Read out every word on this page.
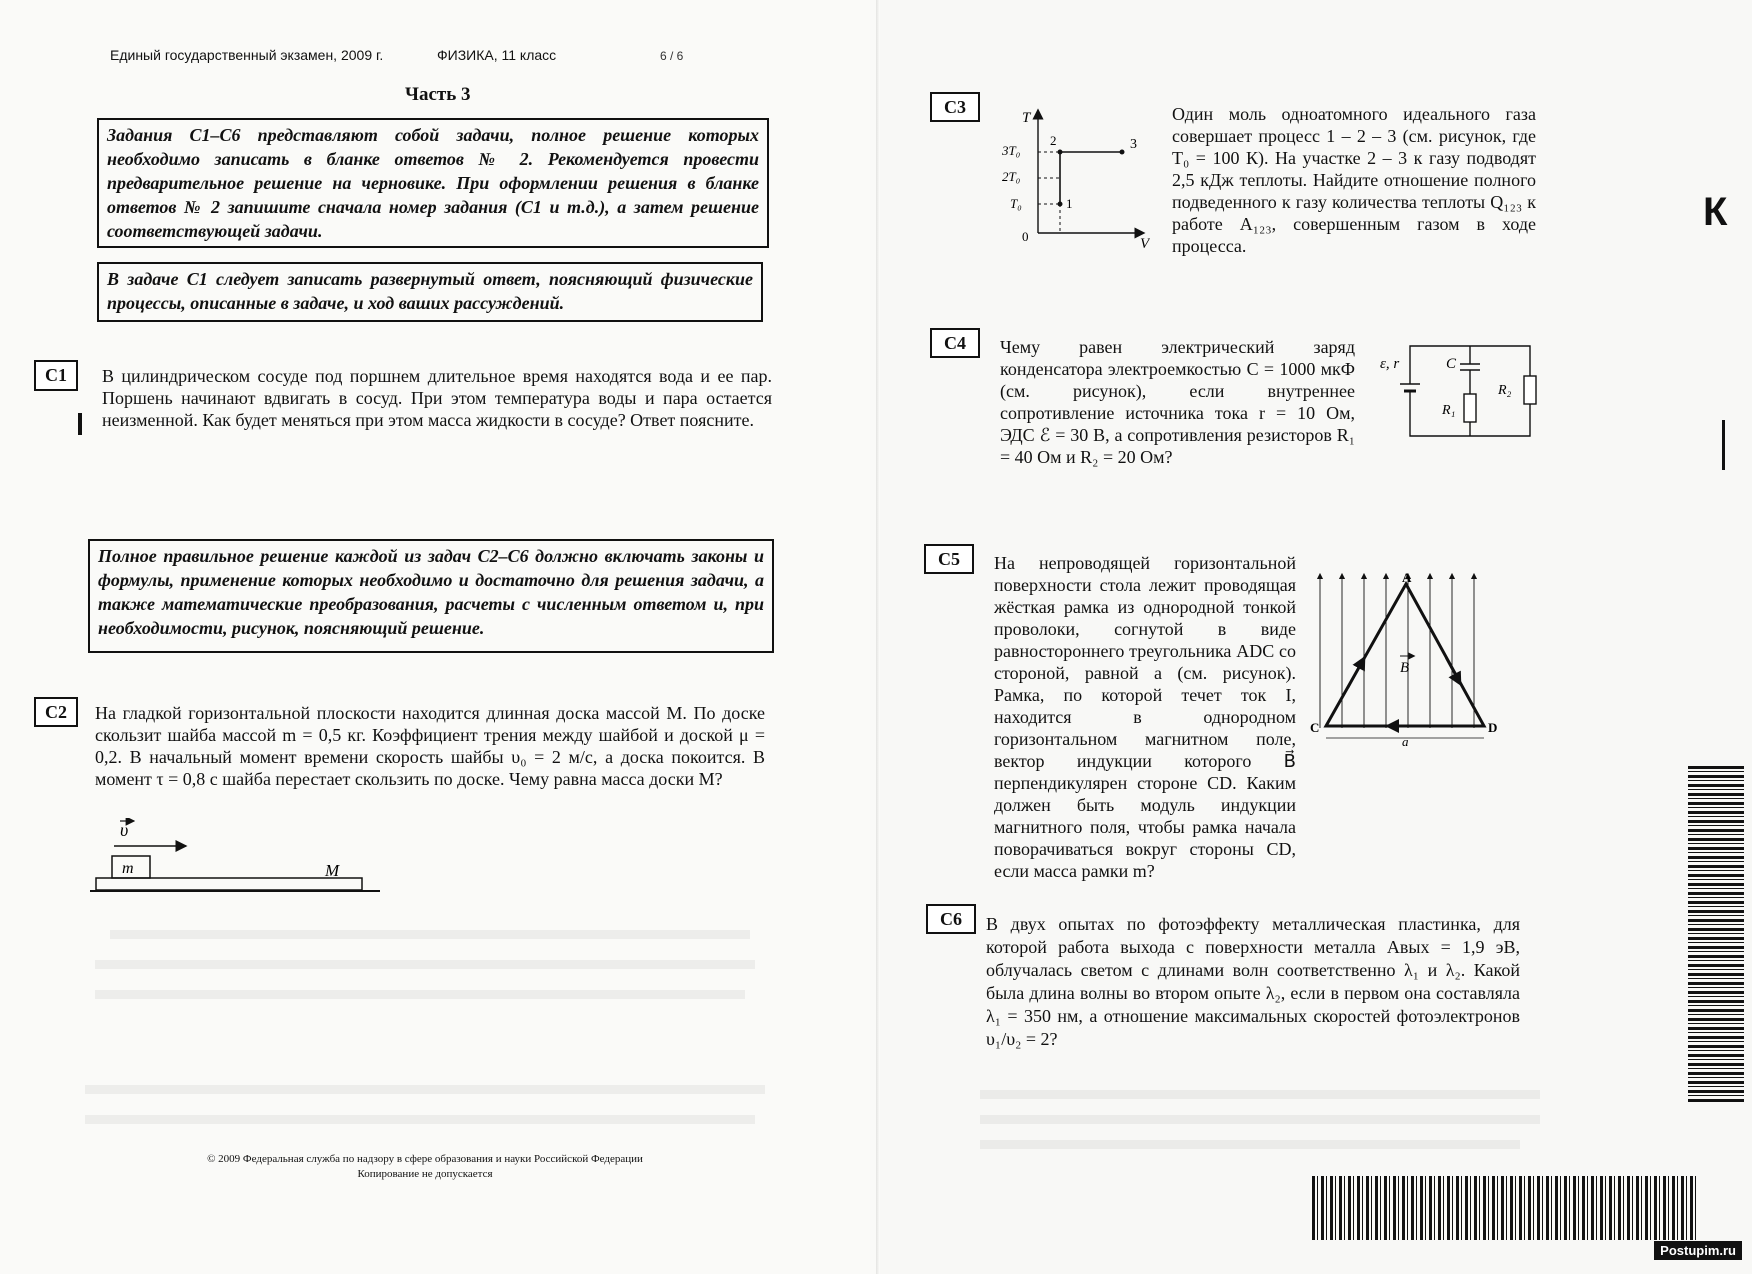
Единый государственный экзамен, 2009 г.	ФИЗИКА, 11 класс	6 / 6
Часть 3
Задания С1–С6 представляют собой задачи, полное решение которых необходимо записать в бланке ответов № 2. Рекомендуется провести предварительное решение на черновике. При оформлении решения в бланке ответов № 2 запишите сначала номер задания (С1 и т.д.), а затем решение соответствующей задачи.
В задаче С1 следует записать развернутый ответ, поясняющий физические процессы, описанные в задаче, и ход ваших рассуждений.
C1	В цилиндрическом сосуде под поршнем длительное время находятся вода и ее пар. Поршень начинают вдвигать в сосуд. При этом температура воды и пара остается неизменной. Как будет меняться при этом масса жидкости в сосуде? Ответ поясните.
Полное правильное решение каждой из задач С2–С6 должно включать законы и формулы, применение которых необходимо и достаточно для решения задачи, а также математические преобразования, расчеты с численным ответом и, при необходимости, рисунок, поясняющий решение.
C2	На гладкой горизонтальной плоскости находится длинная доска массой M. По доске скользит шайба массой m = 0,5 кг. Коэффициент трения между шайбой и доской μ = 0,2. В начальный момент времени скорость шайбы υ₀ = 2 м/с, а доска покоится. В момент τ = 0,8 с шайба перестает скользить по доске. Чему равна масса доски M?
υ
m	M
© 2009 Федеральная служба по надзору в сфере образования и науки Российской Федерации
Копирование не допускается
C3
T
V
0
3T₀
2T₀
T₀	1
2	3
Один моль одноатомного идеального газа совершает процесс 1 – 2 – 3 (см. рисунок, где T₀ = 100 К). На участке 2 – 3 к газу подводят 2,5 кДж теплоты. Найдите отношение полного подведенного к газу количества теплоты Q₁₂₃ к работе A₁₂₃, совершенным газом в ходе процесса.
C4	Чему равен электрический заряд конденсатора электроемкостью C = 1000 мкФ (см. рисунок), если внутреннее сопротивление источника тока r = 10 Ом, ЭДС ℰ = 30 В, а сопротивления резисторов R₁ = 40 Ом и R₂ = 20 Ом?
ε, r	C
R₁
R₂
C5	На непроводящей горизонтальной поверхности стола лежит проводящая жёсткая рамка из однородной тонкой проволоки, согнутой в виде равностороннего треугольника ADC со стороной, равной a (см. рисунок). Рамка, по которой течет ток I, находится в однородном горизонтальном магнитном поле, вектор индукции которого B⃗ перпендикулярен стороне CD. Каким должен быть модуль индукции магнитного поля, чтобы рамка начала поворачиваться вокруг стороны CD, если масса рамки m?
A
C	D
B
a
C6	В двух опытах по фотоэффекту металлическая пластинка, для которой работа выхода с поверхности металла Aвых = 1,9 эВ, облучалась светом с длинами волн соответственно λ₁ и λ₂. Какой была длина волны во втором опыте λ₂, если в первом она составляла λ₁ = 350 нм, а отношение максимальных скоростей фотоэлектронов υ₁/υ₂ = 2?
К
Postupim.ru
